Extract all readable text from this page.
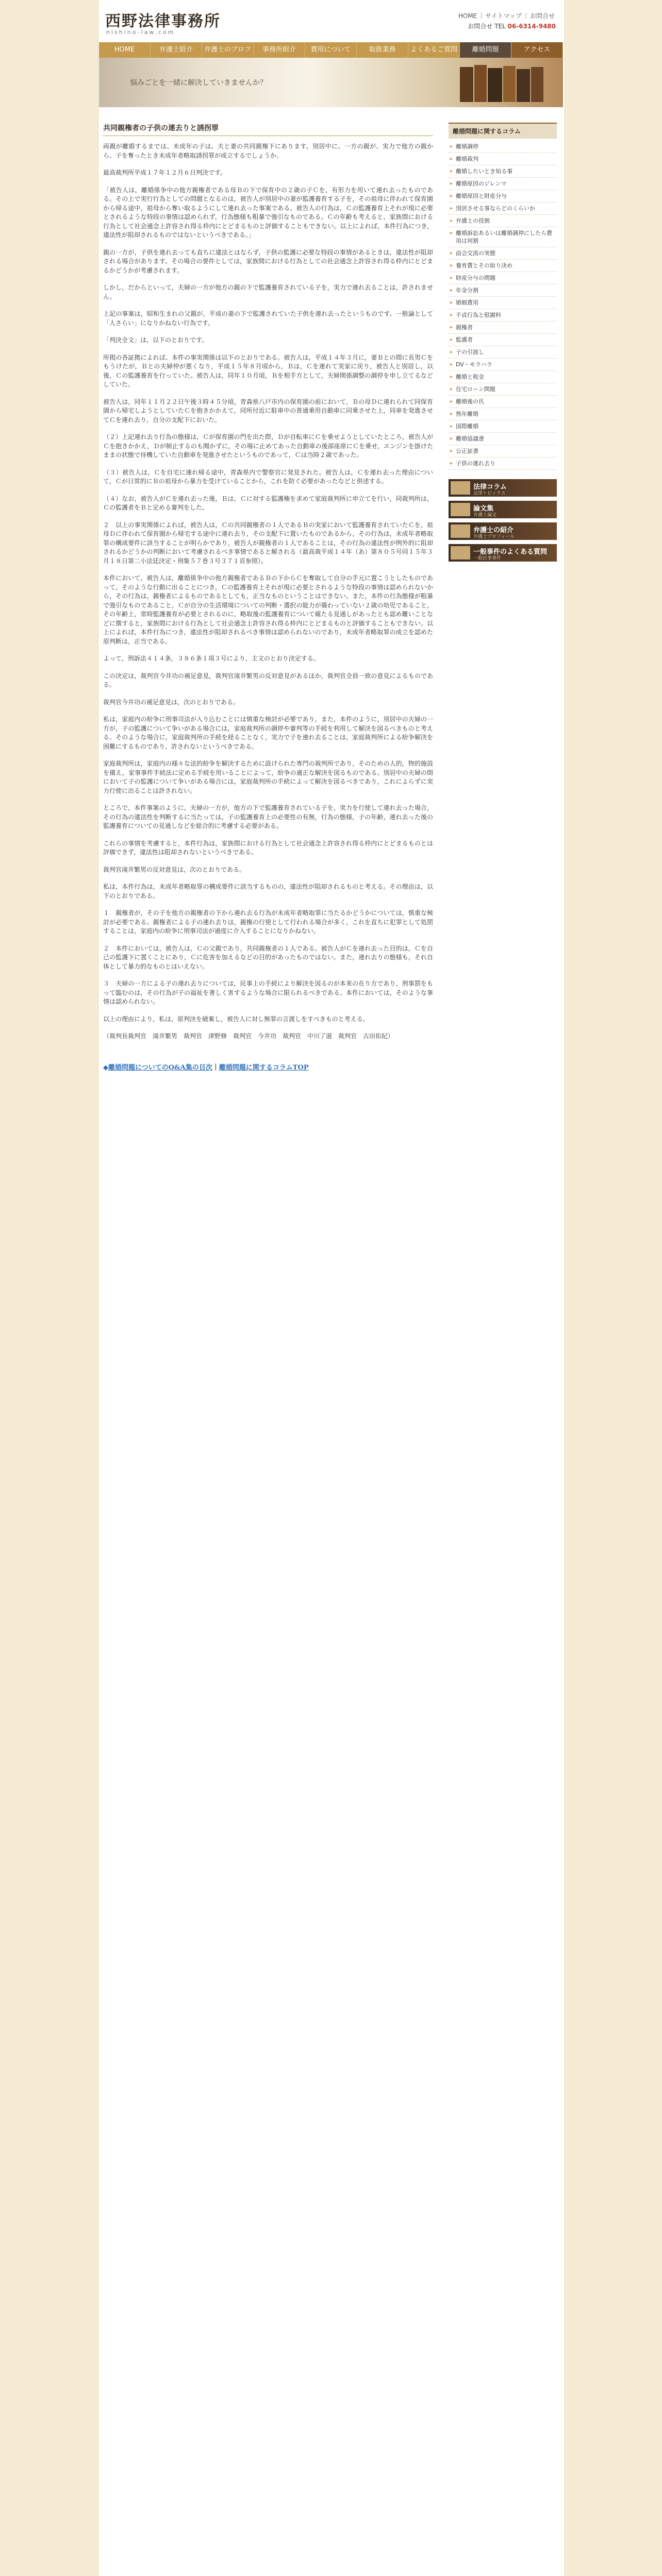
西野法律事務所
nishino-law.com
HOME ｜ サイトマップ ｜ お問合せ
お問合せ TEL 06-6314-9480
HOME	弁護士紹介	弁護士のプロフ	事務所紹介	費用について	取扱業務	よくあるご質問	離婚問題	アクセス
悩みごとを一緒に解決していきませんか？
共同親権者の子供の連去りと誘拐罪

両親が離婚するまでは、未成年の子は、夫と妻の共同親権下にあります。別居中に、一方の親が、実力で他方の親から、子を奪ったとき未成年者略取誘拐罪が成立するでしょうか。

最高裁判所平成１７年１２月６日判決です。

「被告人は，離婚係争中の他方親権者である母Ｂの下で保育中の２歳の子Ｃを，有形力を用いて連れ去ったものである。その上で実行行為としての問題となるのは，被告人が別居中の妻が監護養育する子を，その祖母に伴われて保育園から帰る途中，祖母から奪い取るようにして連れ去った事案である。被告人の行為は，Ｃの監護養育上それが現に必要とされるような特段の事情は認められず，行為態様も粗暴で強引なものである。Ｃの年齢も考えると，家族間における行為として社会通念上許容され得る枠内にとどまるものと評価することもできない。以上によれば，本件行為につき，違法性が阻却されるものではないというべきである。」

親の一方が，子供を連れ去っても直ちに違法とはならず，子供の監護に必要な特段の事情があるときは，違法性が阻却される場合があります。その場合の要件としては，家族間における行為としての社会通念上許容され得る枠内にとどまるかどうかが考慮されます。

しかし，だからといって，夫婦の一方が他方の親の下で監護養育されている子を，実力で連れ去ることは，許されません。

上記の事案は，昭和生まれの父親が，平成の妻の下で監護されていた子供を連れ去ったというものです。一般論として「人さらい」になりかねない行為です。

「判決全文」は，以下のとおりです。

所掲の各証拠によれば、本件の事実関係は以下のとおりである。被告人は，平成１４年３月に，妻Ｂとの間に長男Ｃをもうけたが，Ｂとの夫婦仲が悪くなり，平成１５年８月頃から，Ｂは，Ｃを連れて実家に戻り，被告人と別居し，以後，Ｃの監護養育を行っていた。被告人は，同年１０月頃，Ｂを相手方として，夫婦関係調整の調停を申し立てるなどしていた。

被告人は，同年１１月２２日午後３時４５分頃，青森県八戸市内の保育園の前において，Ｂの母Ｄに連れられて同保育園から帰宅しようとしていたＣを抱きかかえて，同所付近に駐車中の普通乗用自動車に同乗させた上，同車を発進させてＣを連れ去り，自分の支配下においた。

（２）上記連れ去り行為の態様は，Ｃが保育園の門を出た際，Ｄが自転車にＣを乗せようとしていたところ，被告人がＣを抱きかかえ，Ｄが制止するのも聞かずに，その場に止めてあった自動車の後部座席にＣを乗せ，エンジンを掛けたままの状態で待機していた自動車を発進させたというものであって，Ｃは当時２歳であった。

（３）被告人は，Ｃを自宅に連れ帰る途中，青森県内で警察官に発見された。被告人は，Ｃを連れ去った理由について，Ｃが日常的にＢの祖母から暴力を受けていることから，これを防ぐ必要があったなどと供述する。

（４）なお，被告人がＣを連れ去った後，Ｂは，Ｃに対する監護権を求めて家庭裁判所に申立てを行い，同裁判所は，Ｃの監護者をＢと定める審判をした。

２　以上の事実関係によれば，被告人は，Ｃの共同親権者の１人であるＢの実家において監護養育されていたＣを，祖母Ｄに伴われて保育園から帰宅する途中に連れ去り，その支配下に置いたものであるから，その行為は，未成年者略取罪の構成要件に該当することが明らかであり，被告人が親権者の１人であることは，その行為の違法性が例外的に阻却されるかどうかの判断において考慮されるべき事情であると解される（最高裁平成１４年（あ）第８０５号同１５年３月１８日第二小法廷決定・刑集５７巻３号３７１頁参照）。

本件において，被告人は，離婚係争中の他方親権者であるＢの下からＣを奪取して自分の手元に置こうとしたものであって，そのような行動に出ることにつき，Ｃの監護養育上それが現に必要とされるような特段の事情は認められないから，その行為は，親権者によるものであるとしても，正当なものということはできない。また，本件の行為態様が粗暴で強引なものであること，Ｃが自分の生活環境についての判断・選択の能力が備わっていない２歳の幼児であること，その年齢上，常時監護養育が必要とされるのに，略取後の監護養育について確たる見通しがあったとも認め難いことなどに徴すると，家族間における行為として社会通念上許容され得る枠内にとどまるものと評価することもできない。以上によれば，本件行為につき，違法性が阻却されるべき事情は認められないのであり，未成年者略取罪の成立を認めた原判断は，正当である。

よって，刑訴法４１４条，３８６条１項３号により，主文のとおり決定する。

この決定は，裁判官今井功の補足意見，裁判官滝井繁男の反対意見があるほか，裁判官全員一致の意見によるものである。

裁判官今井功の補足意見は，次のとおりである。

私は，家庭内の紛争に刑事司法が入り込むことには慎重な検討が必要であり，また，本件のように，別居中の夫婦の一方が，子の監護について争いがある場合には，家庭裁判所の調停や審判等の手続を利用して解決を図るべきものと考える。そのような場合に，家庭裁判所の手続を経ることなく，実力で子を連れ去ることは，家庭裁判所による紛争解決を困難にするものであり，許されないというべきである。

家庭裁判所は，家庭内の様々な法的紛争を解決するために設けられた専門の裁判所であり，そのための人的，物的施設を備え，家事事件手続法に定める手続を用いることによって，紛争の適正な解決を図るものである。別居中の夫婦の間において子の監護について争いがある場合には，家庭裁判所の手続によって解決を図るべきであり，これによらずに実力行使に出ることは許されない。

ところで，本件事案のように，夫婦の一方が，他方の下で監護養育されている子を，実力を行使して連れ去った場合，その行為の違法性を判断するに当たっては，子の監護養育上の必要性の有無，行為の態様，子の年齢，連れ去った後の監護養育についての見通しなどを総合的に考慮する必要がある。

これらの事情を考慮すると，本件行為は，家族間における行為として社会通念上許容され得る枠内にとどまるものとは評価できず，違法性は阻却されないというべきである。

裁判官滝井繁男の反対意見は，次のとおりである。

私は，本件行為は，未成年者略取罪の構成要件に該当するものの，違法性が阻却されるものと考える。その理由は，以下のとおりである。

１　親権者が，その子を他方の親権者の下から連れ去る行為が未成年者略取罪に当たるかどうかについては，慎重な検討が必要である。親権者による子の連れ去りは，親権の行使として行われる場合が多く，これを直ちに犯罪として処罰することは，家庭内の紛争に刑事司法が過度に介入することになりかねない。

２　本件においては，被告人は，Ｃの父親であり，共同親権者の１人である。被告人がＣを連れ去った目的は，Ｃを自己の監護下に置くことにあり，Ｃに危害を加えるなどの目的があったものではない。また，連れ去りの態様も，それ自体として暴力的なものとはいえない。

３　夫婦の一方による子の連れ去りについては，民事上の手続により解決を図るのが本来の在り方であり，刑事罰をもって臨むのは，その行為が子の福祉を著しく害するような場合に限られるべきである。本件においては，そのような事情は認められない。

以上の理由により，私は，原判決を破棄し，被告人に対し無罪の言渡しをすべきものと考える。

（裁判長裁判官　滝井繁男　裁判官　津野修　裁判官　今井功　裁判官　中川了滋　裁判官　古田佑紀）

◆離婚問題についてのQ&A集の目次｜離婚問題に関するコラムTOP
離婚問題に関するコラム
▸ 離婚調停
▸ 離婚裁判
▸ 離婚したいとき知る事
▸ 離婚原因のジレンマ
▸ 離婚原因と財産分与
▸ 別居させる事ならどのくらいか
▸ 弁護士の役割
▸ 離婚訴訟あるいは離婚調停にしたら費用は何割
▸ 面会交流の実態
▸ 養育費とその取り決め
▸ 財産分与の問題
▸ 年金分割
▸ 婚姻費用
▸ 不貞行為と慰謝料
▸ 親権者
▸ 監護者
▸ 子の引渡し
▸ DV・モラハラ
▸ 離婚と税金
▸ 住宅ローン問題
▸ 離婚後の氏
▸ 熟年離婚
▸ 国際離婚
▸ 離婚協議書
▸ 公正証書
▸ 子供の連れ去り
法律コラム
法律トピックス
論文集
弁護士論文
弁護士の紹介
弁護士プロフィール
一般事件のよくある質問
一般民事事件
